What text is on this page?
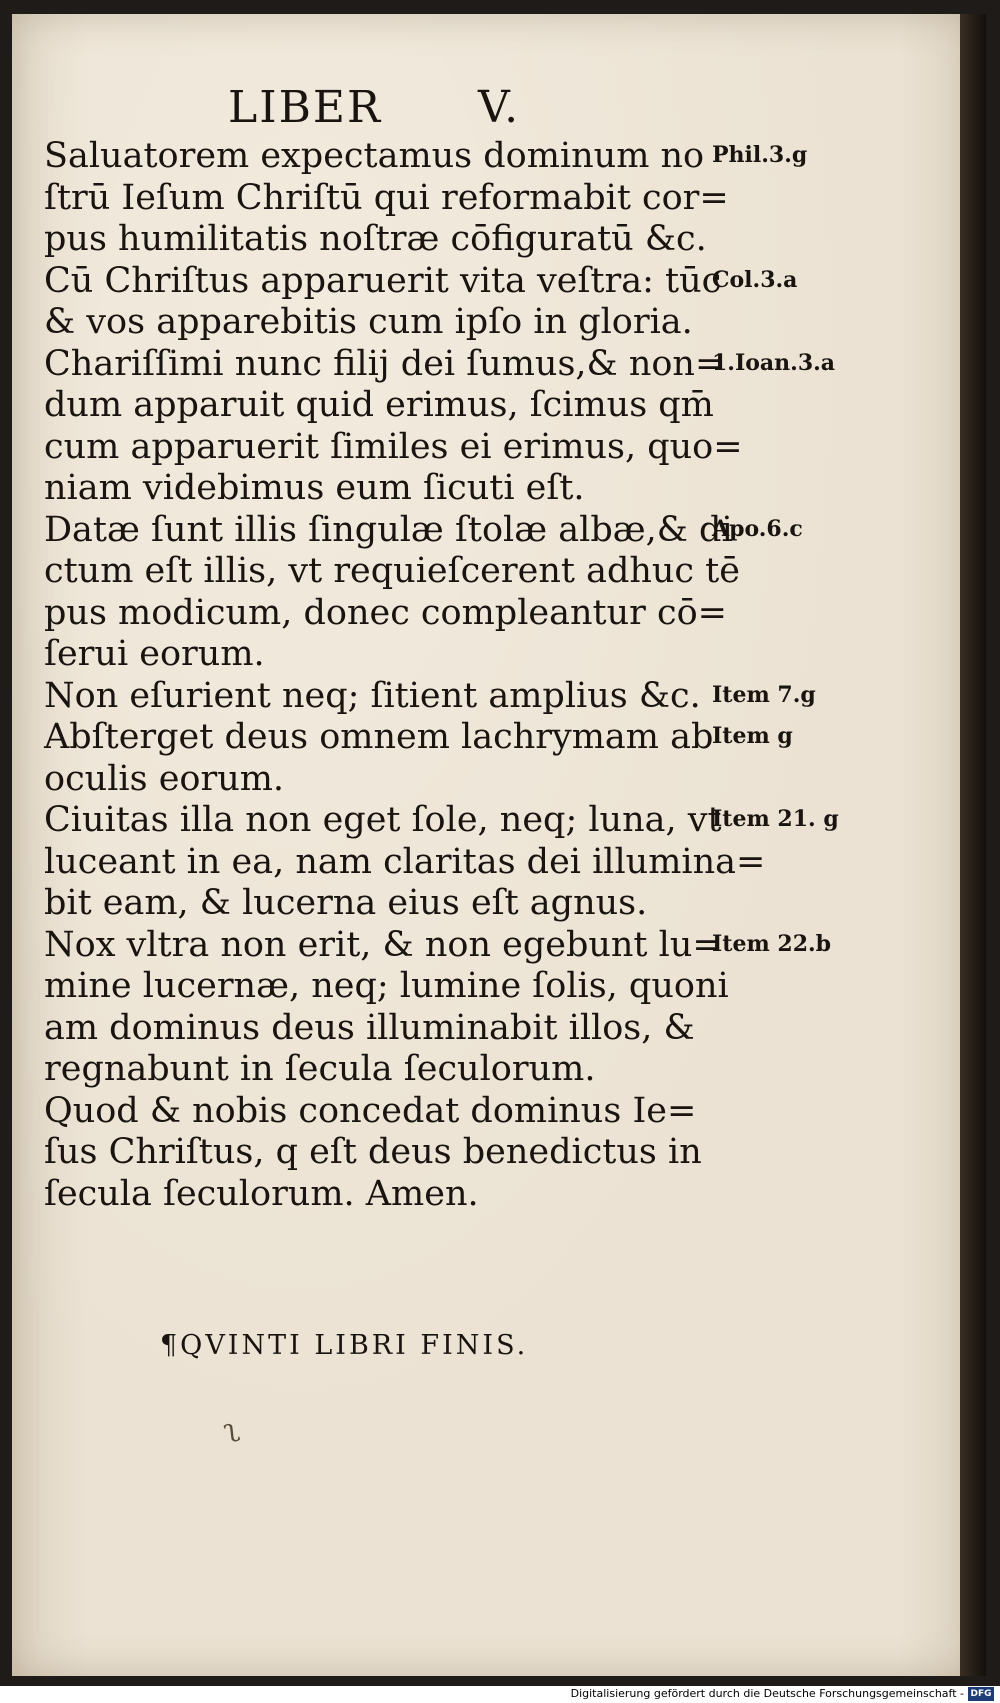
LIBER V.
Saluatorem expectamus dominum no
ſtrū Ieſum Chriſtū qui reformabit cor=
pus humilitatis noſtræ cōfiguratū &c.
Cū Chriſtus apparuerit vita veſtra: tūc
& vos apparebitis cum ipſo in gloria.
Chariſſimi nunc filij dei ſumus,& non=
dum apparuit quid erimus, ſcimus qm̄
cum apparuerit ſimiles ei erimus, quo=
niam videbimus eum ſicuti eſt.
Datæ ſunt illis ſingulæ ſtolæ albæ,& di
ctum eſt illis, vt requieſcerent adhuc tē
pus modicum, donec compleantur cō=
ſerui eorum.
Non eſurient neq; ſitient amplius &c.
Abſterget deus omnem lachrymam ab
oculis eorum.
Ciuitas illa non eget ſole, neq; luna, vt
luceant in ea, nam claritas dei illumina=
bit eam, & lucerna eius eſt agnus.
Nox vltra non erit, & non egebunt lu=
mine lucernæ, neq; lumine ſolis, quoni
am dominus deus illuminabit illos, &
regnabunt in ſecula ſeculorum.
Quod & nobis concedat dominus Ie=
ſus Chriſtus, q eſt deus benedictus in
ſecula ſeculorum. Amen.
Phil.3.g
Col.3.a
1.Ioan.3.a
Apo.6.c
Item 7.g
Item g
Item 21. g
Item 22.b
¶QVINTI LIBRI FINIS.
ʅ
Digitalisierung gefördert durch die Deutsche Forschungsgemeinschaft - DFG
